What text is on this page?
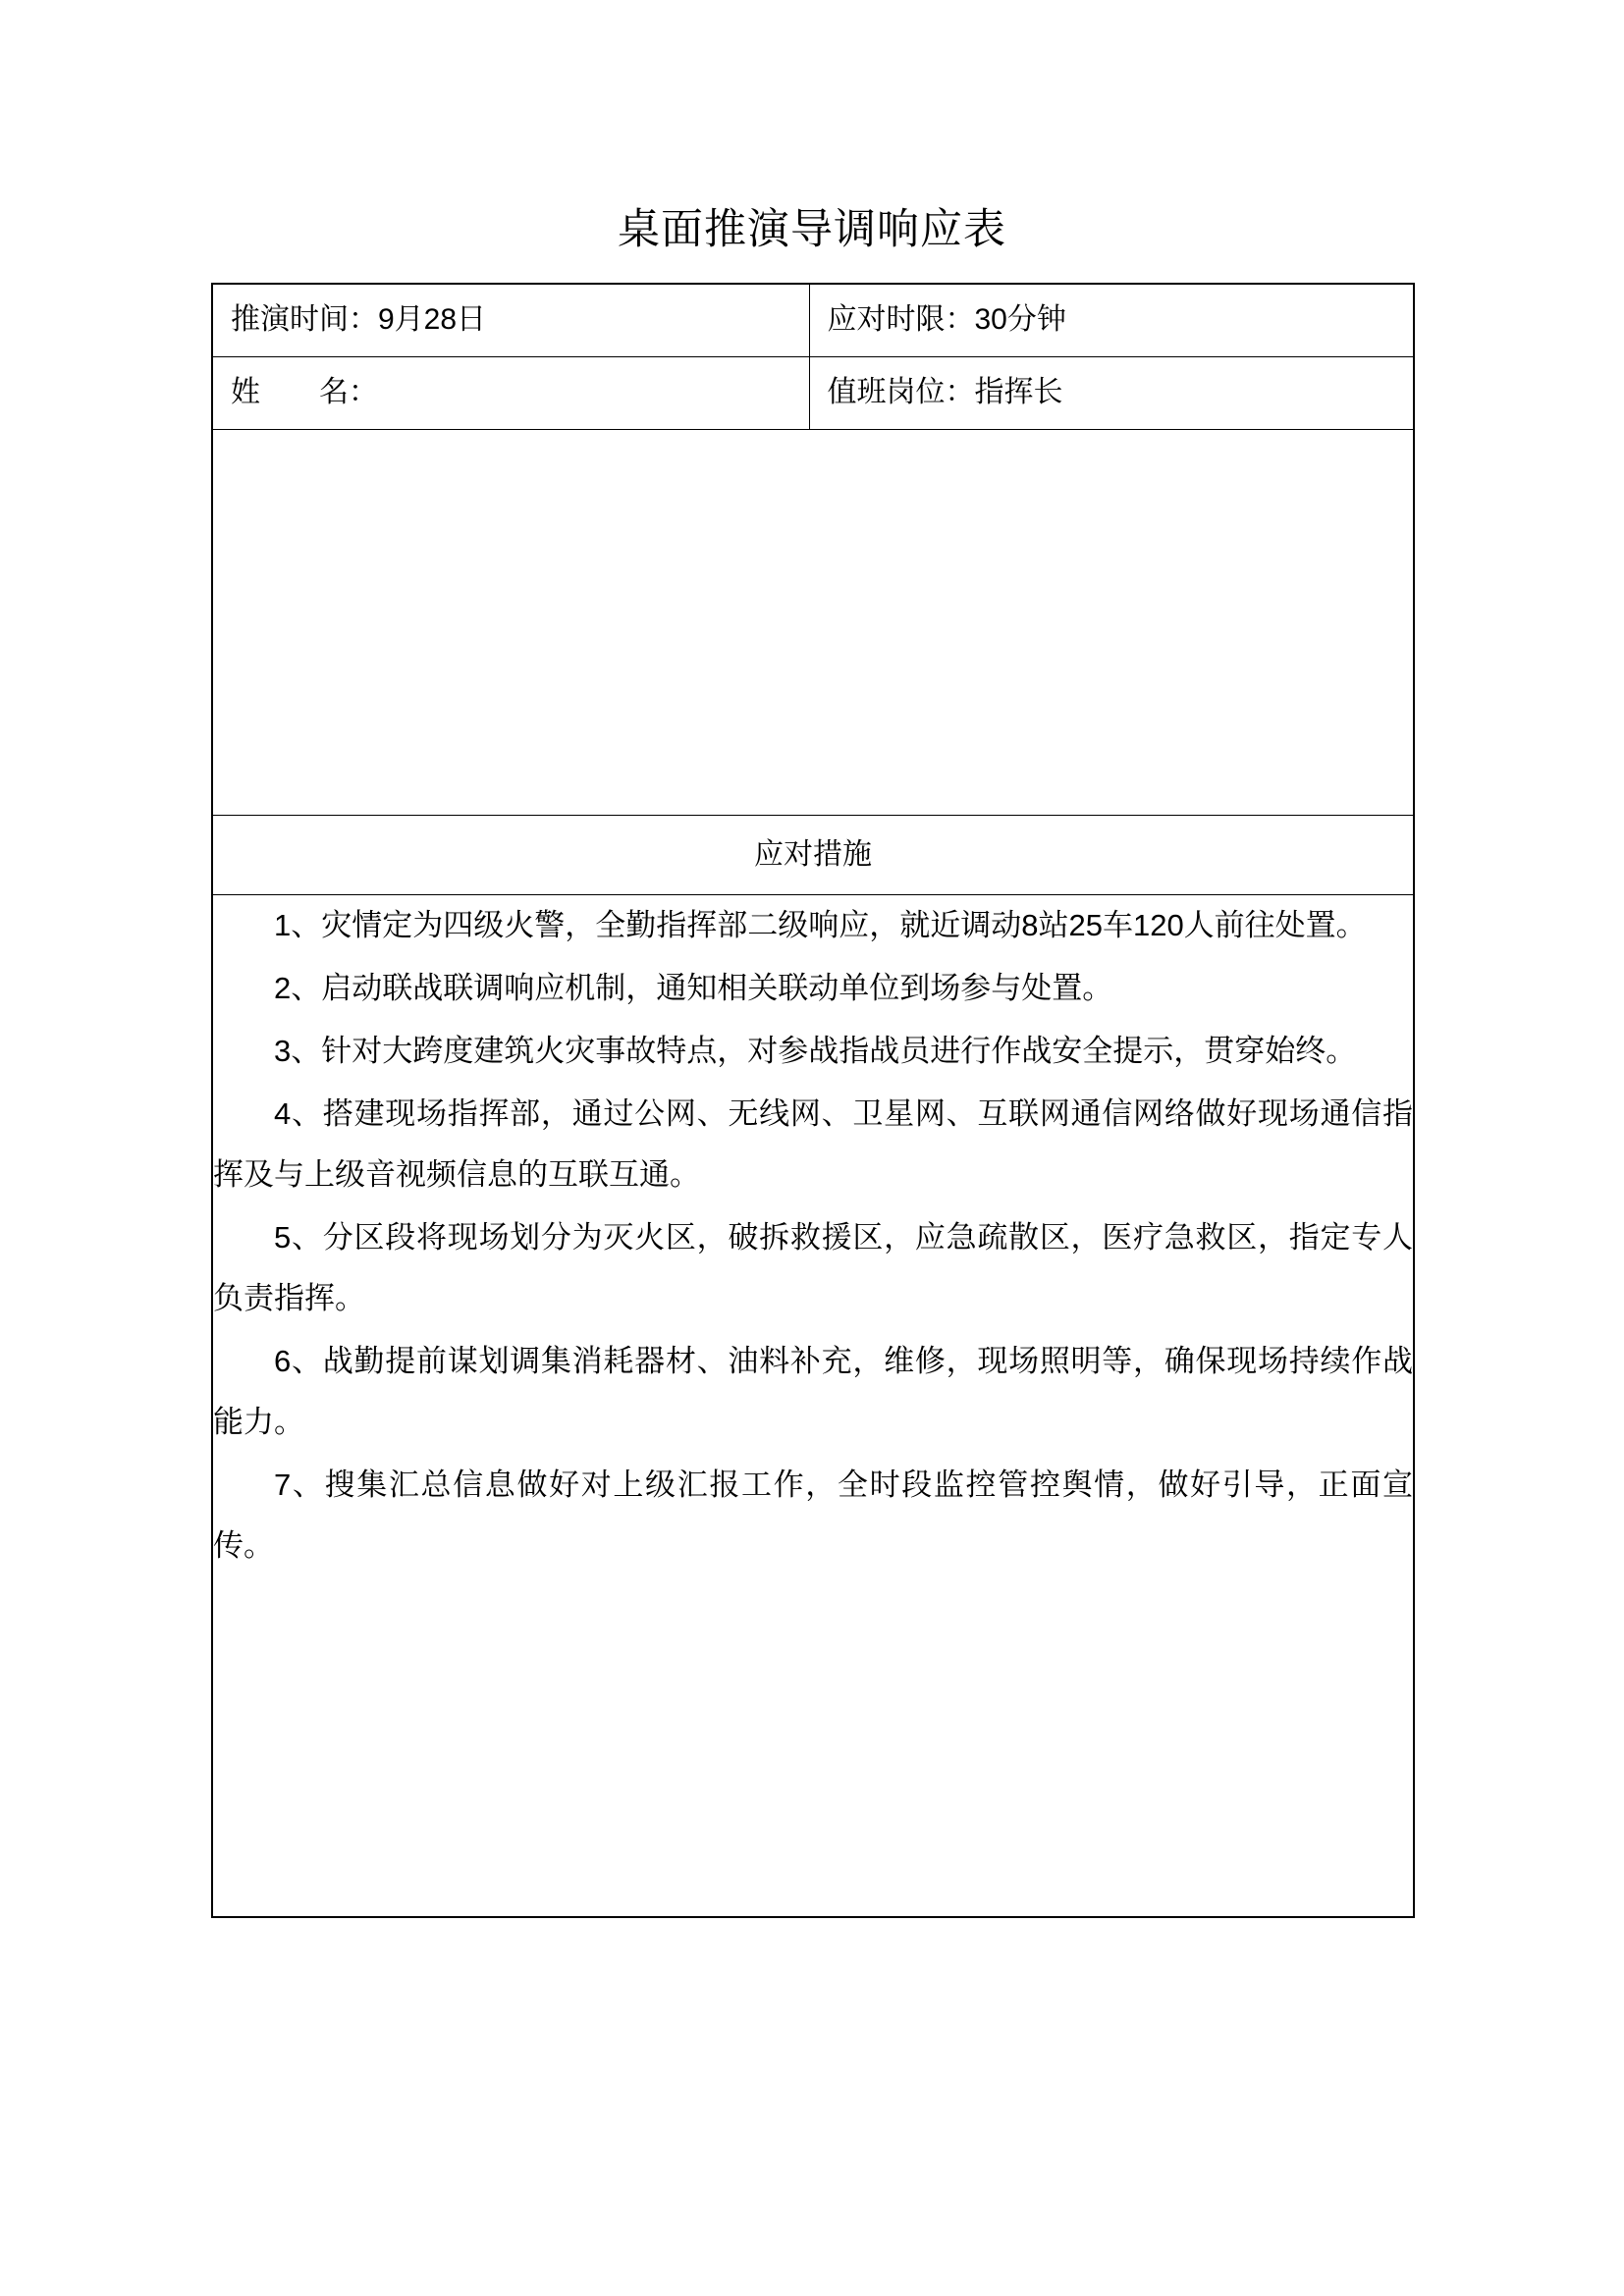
桌面推演导调响应表
推演时间：9月28日	应对时限：30分钟

姓　　名：	值班岗位：指挥长

应对措施	

1、灾情定为四级火警，全勤指挥部二级响应，就近调动8站25车120人前往处置。

2、启动联战联调响应机制，通知相关联动单位到场参与处置。

3、针对大跨度建筑火灾事故特点，对参战指战员进行作战安全提示，贯穿始终。

4、搭建现场指挥部，通过公网、无线网、卫星网、互联网通信网络做好现场通信指挥及与上级音视频信息的互联互通。

5、分区段将现场划分为灭火区，破拆救援区，应急疏散区，医疗急救区，指定专人负责指挥。

6、战勤提前谋划调集消耗器材、油料补充，维修，现场照明等，确保现场持续作战能力。

7、搜集汇总信息做好对上级汇报工作，全时段监控管控舆情，做好引导，正面宣传。
